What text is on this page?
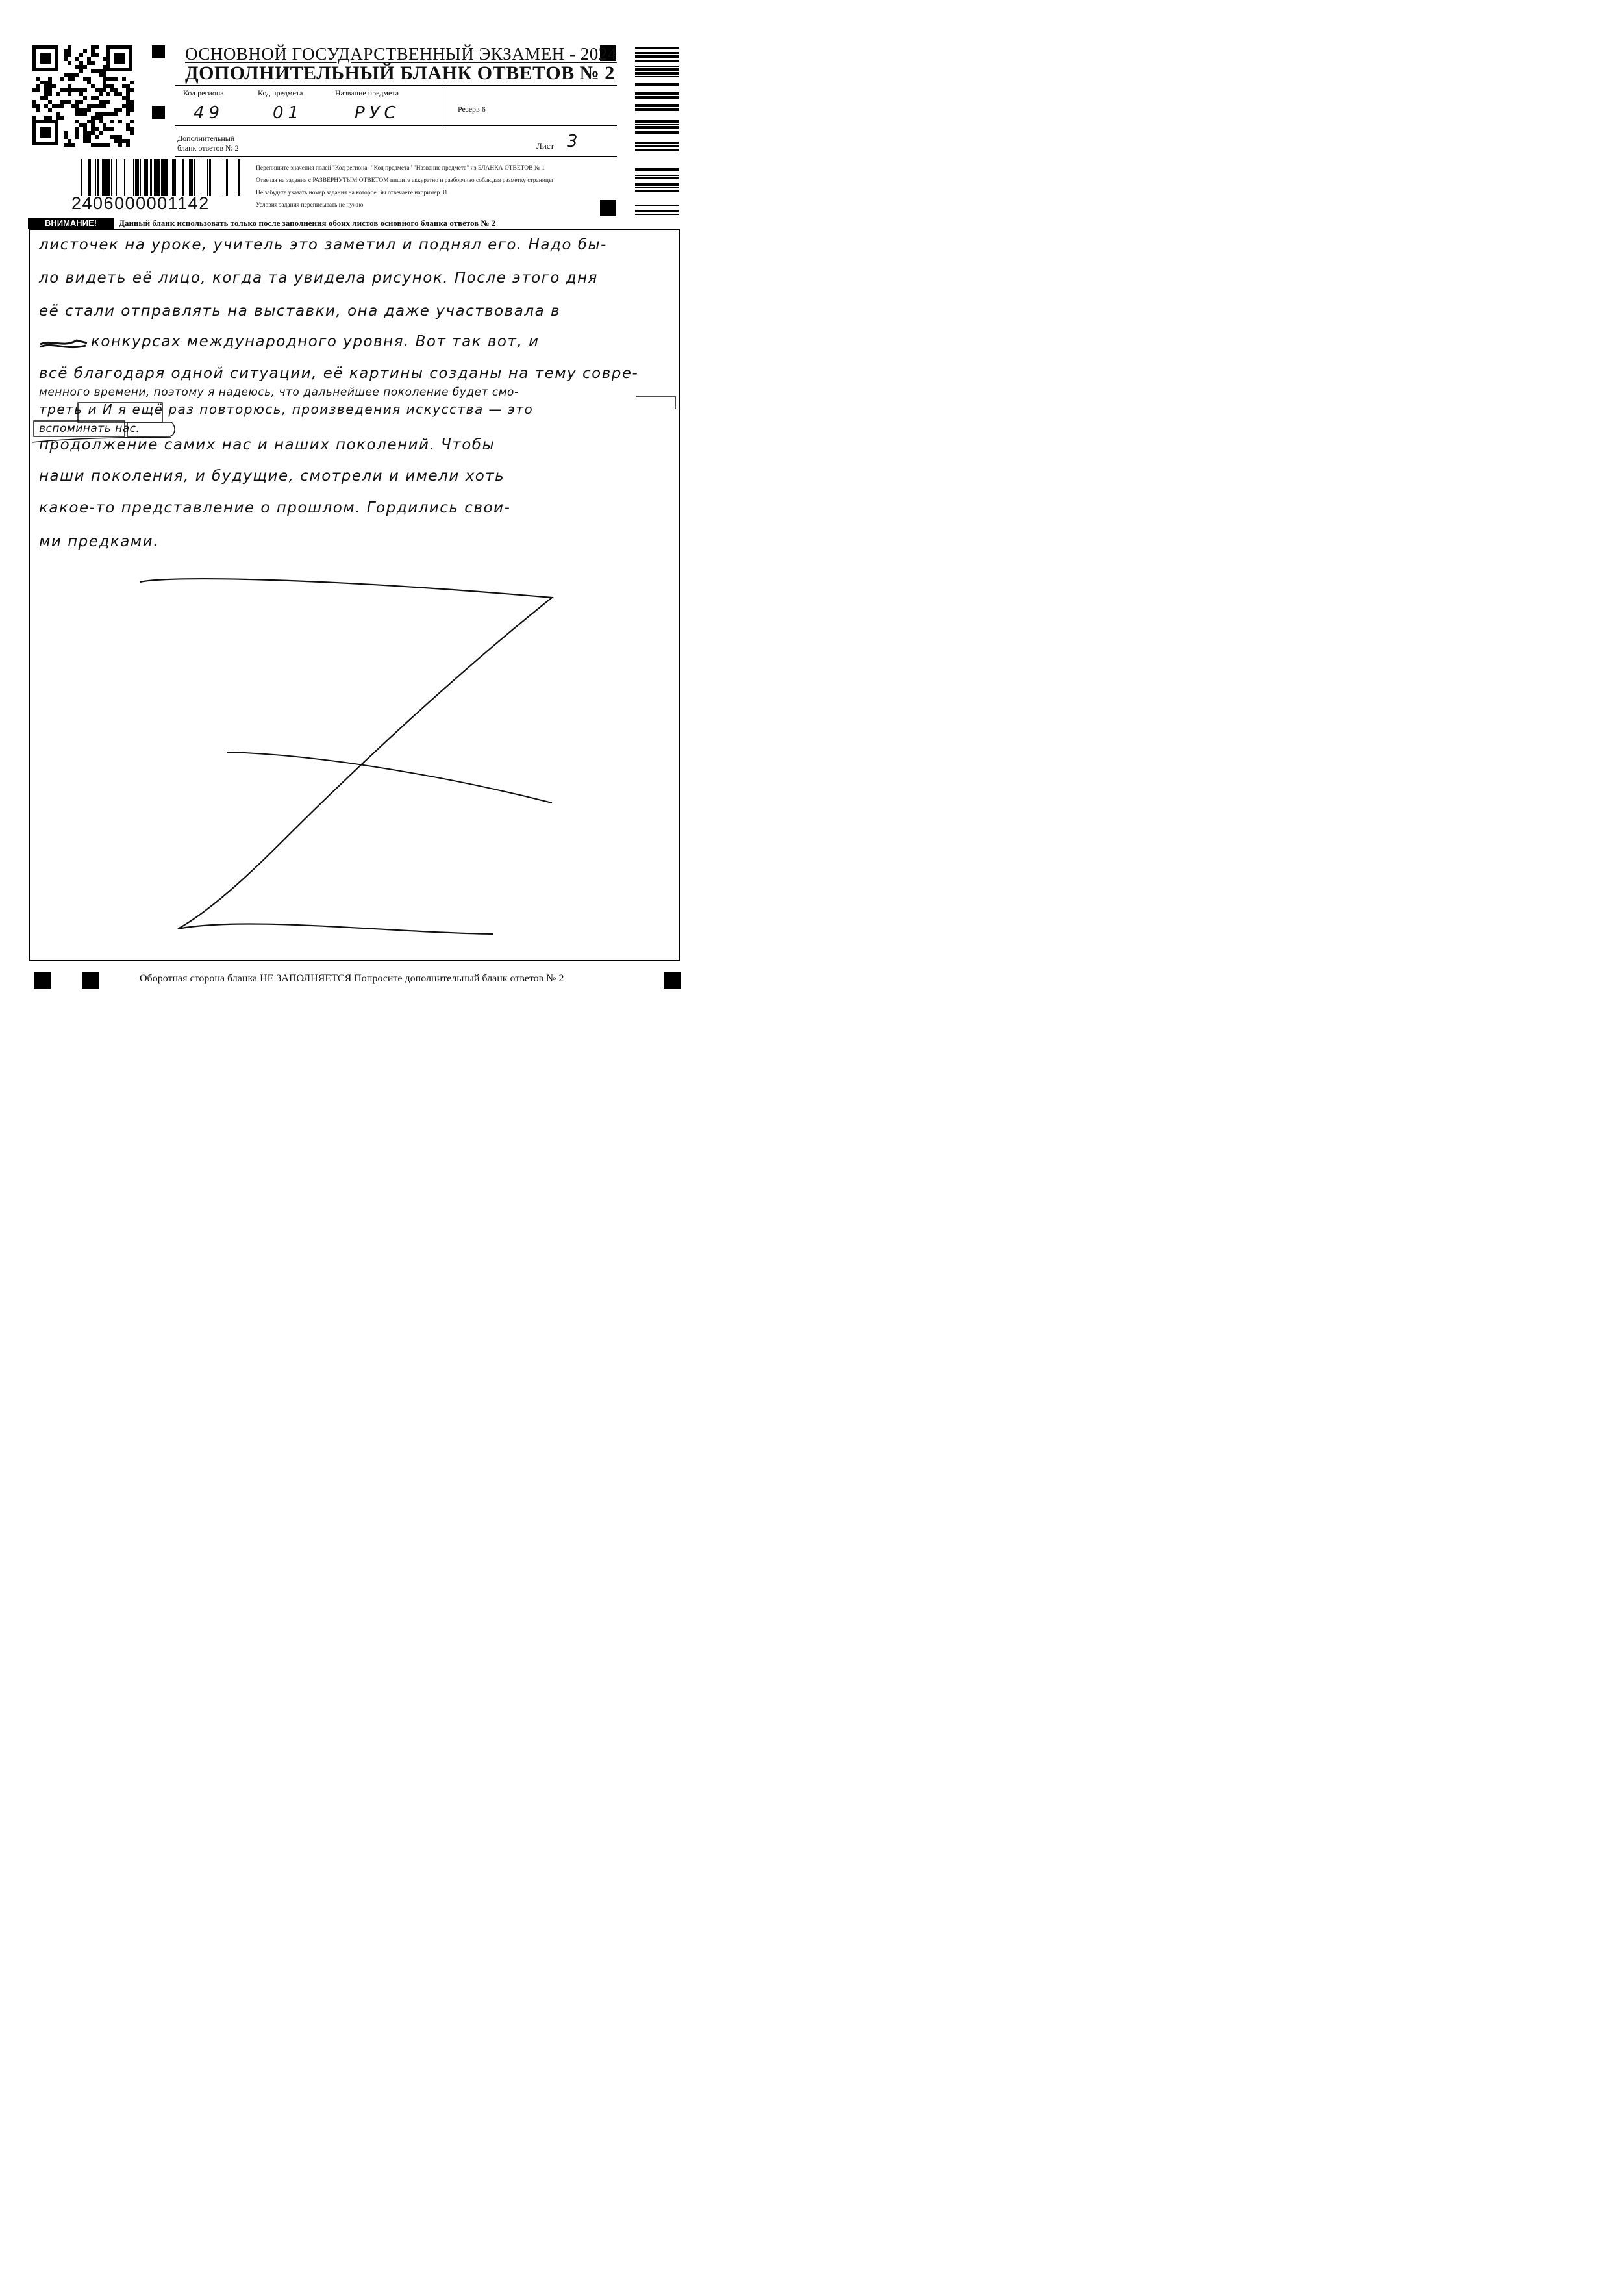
ОСНОВНОЙ ГОСУДАРСТВЕННЫЙ ЭКЗАМЕН - 2024
ДОПОЛНИТЕЛЬНЫЙ БЛАНК ОТВЕТОВ № 2
Код региона	Код предмета	Название предмета
49	01	РУС	Резерв 6
Дополнительный
бланк ответов № 2	Лист 3
2406000001142
Перепишите значения полей "Код региона" "Код предмета" "Название предмета" из БЛАНКА ОТВЕТОВ № 1
Отвечая на задания с РАЗВЕРНУТЫМ ОТВЕТОМ пишите аккуратно и разборчиво соблюдая разметку страницы
Не забудьте указать номер задания на которое Вы отвечаете например 31
Условия задания переписывать не нужно
ВНИМАНИЕ!	Данный бланк использовать только после заполнения обоих листов основного бланка ответов № 2
листочек на уроке, учитель это заметил и поднял его. Надо бы-
ло видеть её лицо, когда та увидела рисунок. После этого дня
её стали отправлять на выставки, она даже участвовала в
конкурсах международного уровня. Вот так вот, и
всё благодаря одной ситуации, её картины созданы на тему совре-
менного времени, поэтому я надеюсь, что дальнейшее поколение будет смо-
треть и И я ещё раз повторюсь, произведения искусства — это
вспоминать нас.
продолжение самих нас и наших поколений. Чтобы
наши поколения, и будущие, смотрели и имели хоть
какое-то представление о прошлом. Гордились свои-
ми предками.
Оборотная сторона бланка НЕ ЗАПОЛНЯЕТСЯ Попросите дополнительный бланк ответов № 2
